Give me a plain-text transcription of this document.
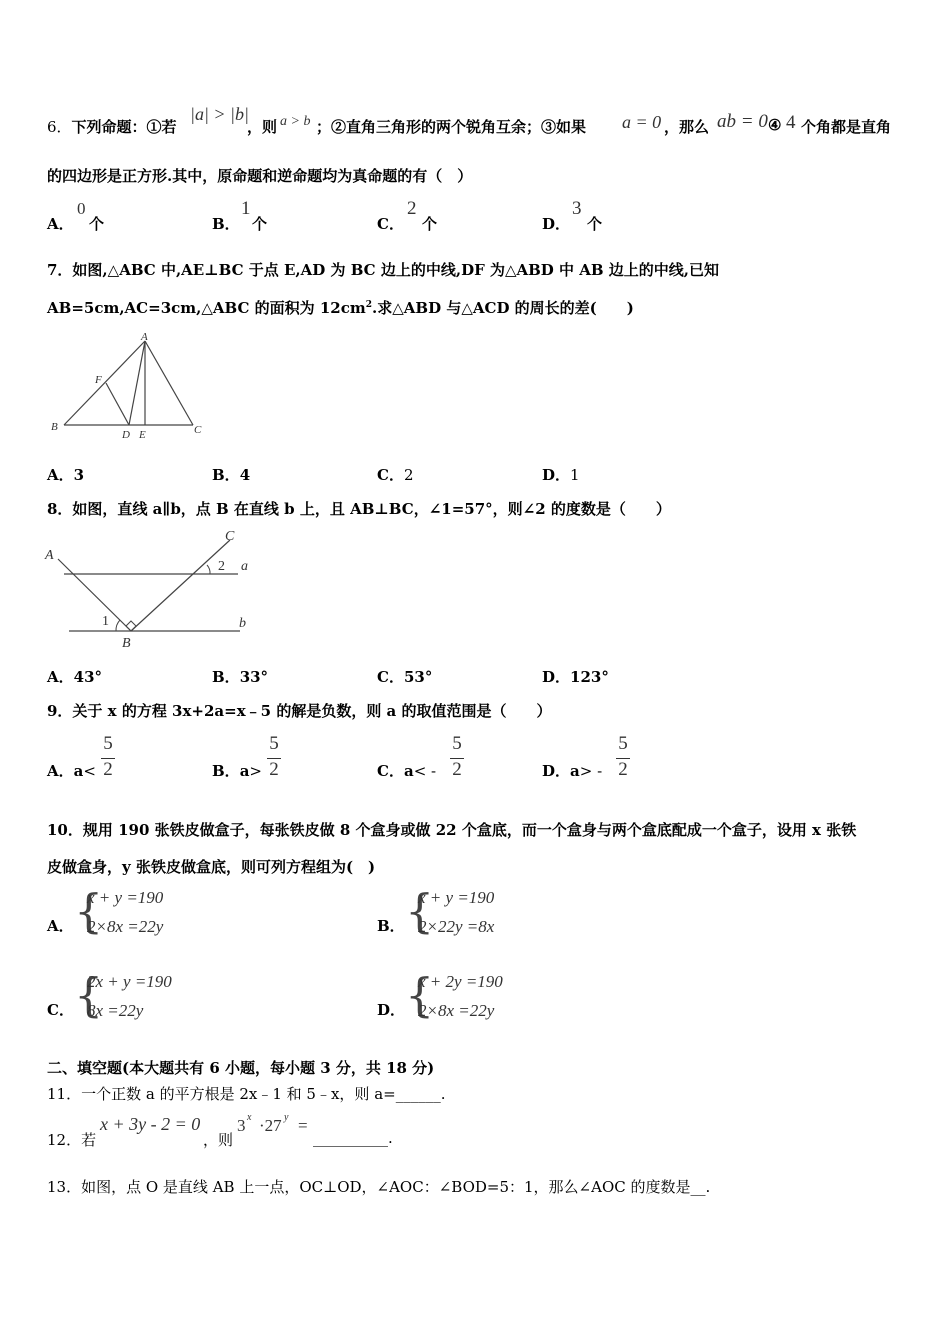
6．下列命题：①若
|a| > |b|
，则 a > b ；②直角三角形的两个锐角互余；③如果 a = 0 ，那么 ab = 0 ④ 4 个角都是直角
的四边形是正方形.其中，原命题和逆命题均为真命题的有（　）
A．
0
个	B．
1
个	C．
2
个	D．
3
个
7．如图,△ABC 中,AE⊥BC 于点 E,AD 为 BC 边上的中线,DF 为△ABD 中 AB 边上的中线,已知
AB=5cm,AC=3cm,△ABC 的面积为 $12cm^2$.求△ABD 与△ACD 的周长的差(　　)
A
B	C
D E
F
A．3	B．4	C．2	D．1
8．如图，直线 a∥b，点 B 在直线 b 上，且 AB⊥BC，∠1=57°，则∠2 的度数是（　　）
A
B
C
a
b
1
2
A．43°	B．33°	C．53°	D．123°
9．关于 x 的方程 3x+2a=x﹣5 的解是负数，则 a 的取值范围是（　　）
A．a<
5
2	B．a>
5
2	C．a< -
5
2	D．a> -
5
2
10．规用 190 张铁皮做盒子，每张铁皮做 8 个盒身或做 22 个盒底，而一个盒身与两个盒底配成一个盒子，设用 x 张铁
皮做盒身，y 张铁皮做盒底，则可列方程组为(　)
A． {
x + y =190
2×8x =22y	B． {
x + y =190
2×22y =8x
C． {
2x + y =190
8x =22y	D． {
x + 2y =190
2×8x =22y
二、填空题(本大题共有 6 小题，每小题 3 分，共 18 分)
11．一个正数 a 的平方根是 2x﹣1 和 5﹣x，则 a=______.
12．若
x + 3y - 2 = 0
，则
3 x ·27 y =
__________.
13．如图，点 O 是直线 AB 上一点，OC⊥OD，∠AOC：∠BOD=5：1，那么∠AOC 的度数是__.
